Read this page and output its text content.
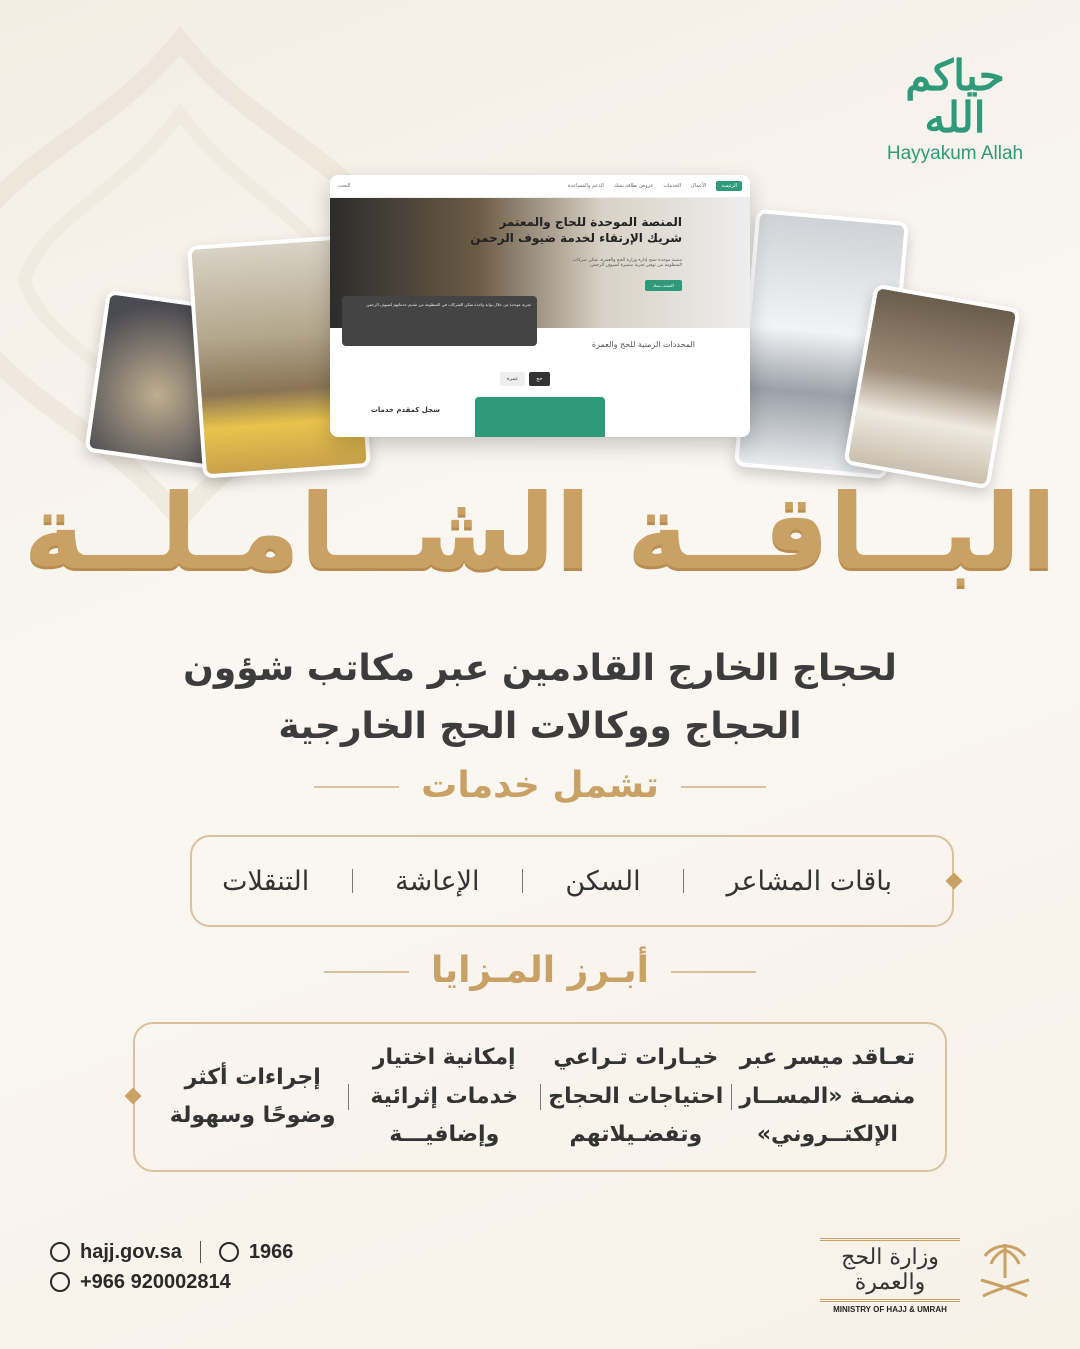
حياكم الله
Hayyakum Allah
الرئيسة
الأعمال
الخدمات
عروض بطاقة نسك
الدعم والمساعدة
البحث
المنصة الموحدة للحاج والمعتمر
شريك الإرتقاء لخدمة ضيوف الرحمن
منصة موحدة تمنح إدارة وزارة الحج والعمرة، تمكن شركات المنظومة من توفير تجربة متميزة لضيوف الرحمن
اكتشف نسك
تجربة موحدة من خلال بوابة واحدة تمكن الشركات في المنظومة من تقديم خدماتهم لضيوف الرحمن
المحددات الزمنية للحج والعمرة
عمرة	حج
سجل كمقدم خدمات
البــاقــة الشــامـلــة
لحجاج الخارج القادمين عبر مكاتب شؤون
الحجاج ووكالات الحج الخارجية
تشمل خدمات
باقات المشاعر
السكن
الإعاشة
التنقلات
أبـرز المـزايا
تعـاقد ميسر عبر
منصـة «المســار
الإلكتــروني»
خيـارات تـراعي
احتياجات الحجاج
وتفضـيلاتهم
إمكانية اختيار
خدمات إثرائية
وإضافيـــة
إجراءات أكثر
وضوحًا وسهولة
hajj.gov.sa	1966
+966 920002814
وزارة الحج والعمرة
MINISTRY OF HAJJ & UMRAH
